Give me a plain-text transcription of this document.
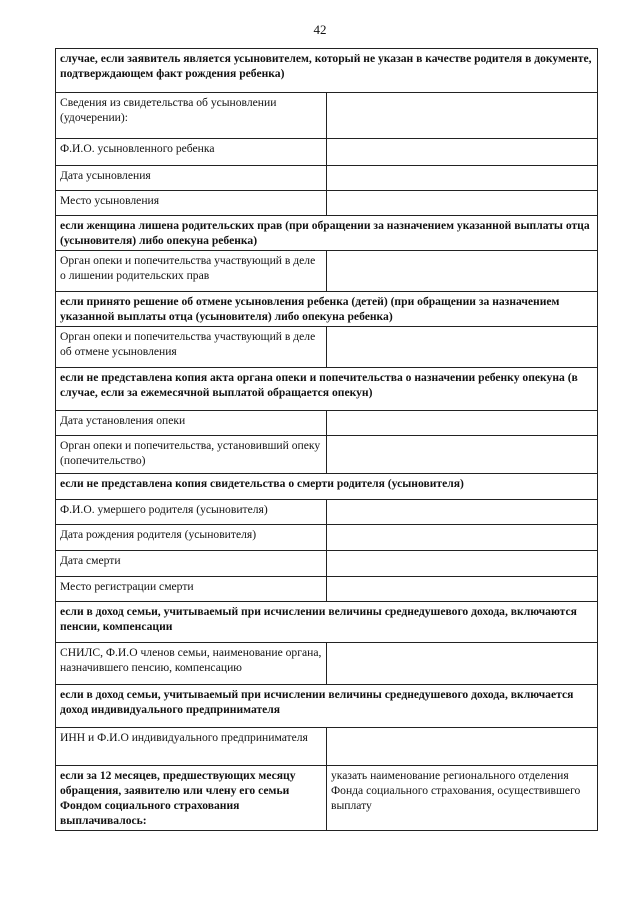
42
случае, если заявитель является усыновителем, который не указан в качестве родителя в документе, подтверждающем факт рождения ребенка)	
Сведения из свидетельства об усыновлении (удочерении):	
Ф.И.О. усыновленного ребенка	
Дата усыновления	
Место усыновления	
если женщина лишена родительских прав (при обращении за назначением указанной выплаты отца (усыновителя) либо опекуна ребенка)	
Орган опеки и попечительства участвующий в деле о лишении родительских прав	
если принято решение об отмене усыновления ребенка (детей) (при обращении за назначением указанной выплаты отца (усыновителя) либо опекуна ребенка)	
Орган опеки и попечительства участвующий в деле об отмене усыновления	
если не представлена копия акта органа опеки и попечительства о назначении ребенку опекуна (в случае, если за ежемесячной выплатой обращается опекун)	
Дата установления опеки	
Орган опеки и попечительства, установивший опеку (попечительство)	
если не представлена копия свидетельства о смерти родителя (усыновителя)	
Ф.И.О. умершего родителя (усыновителя)	
Дата рождения родителя (усыновителя)	
Дата смерти	
Место регистрации смерти	
если в доход семьи, учитываемый при исчислении величины среднедушевого дохода, включаются пенсии, компенсации	
СНИЛС, Ф.И.О членов семьи, наименование органа, назначившего пенсию, компенсацию	
если в доход семьи, учитываемый при исчислении величины среднедушевого дохода, включается доход индивидуального предпринимателя	
ИНН и Ф.И.О индивидуального предпринимателя	
если за 12 месяцев, предшествующих месяцу обращения, заявителю или члену его семьи Фондом социального страхования выплачивалось:	указать наименование регионального отделения Фонда социального страхования, осуществившего выплату
